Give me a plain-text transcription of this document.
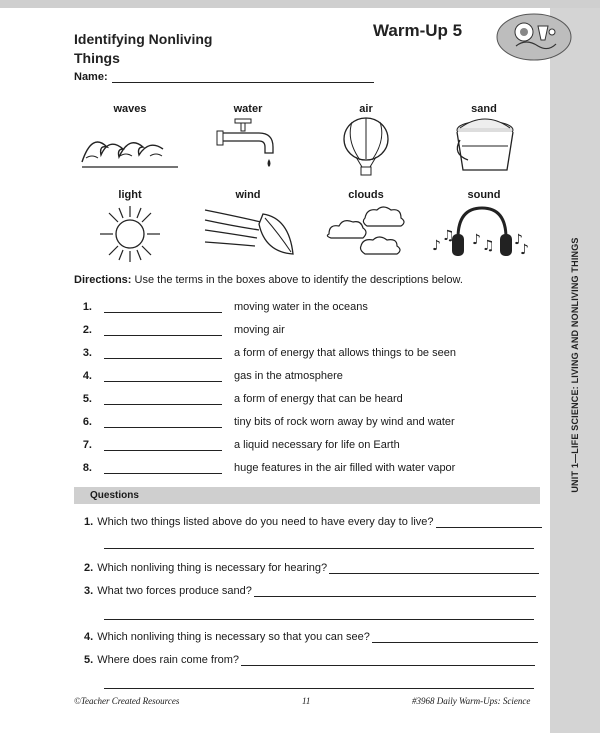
UNIT 1—LIFE SCIENCE: LIVING AND NONLIVING THINGS
Identifying Nonliving Things
Warm-Up 5
Name:
waves	water	air	sand
light	wind	clouds	sound
♪
♫ ♪ ♫ ♪
♪
Directions: Use the terms in the boxes above to identify the descriptions below.
1.	moving water in the oceans
2.	moving air
3.	a form of energy that allows things to be seen
4.	gas in the atmosphere
5.	a form of energy that can be heard
6.	tiny bits of rock worn away by wind and water
7.	a liquid necessary for life on Earth
8.	huge features in the air filled with water vapor
Questions
1. Which two things listed above do you need to have every day to live?
2. Which nonliving thing is necessary for hearing?
3. What two forces produce sand?
4. Which nonliving thing is necessary so that you can see?
5. Where does rain come from?
©Teacher Created Resources	11	#3968 Daily Warm-Ups: Science
